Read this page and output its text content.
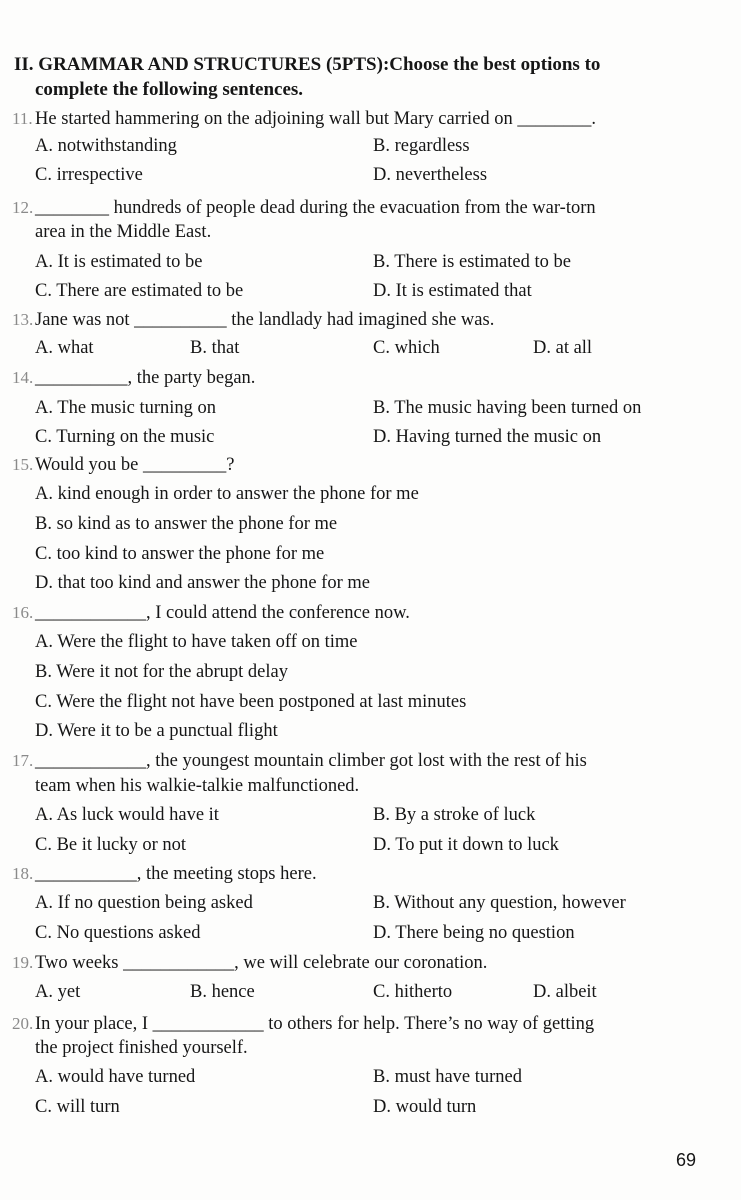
II. GRAMMAR AND STRUCTURES (5PTS):Choose the best options to
complete the following sentences.
11. He started hammering on the adjoining wall but Mary carried on ________.
A. notwithstanding	B. regardless
C. irrespective	D. nevertheless
12. ________ hundreds of people dead during the evacuation from the war-torn
area in the Middle East.
A. It is estimated to be	B. There is estimated to be
C. There are estimated to be	D. It is estimated that
13. Jane was not __________ the landlady had imagined she was.
A. what	B. that	C. which	D. at all
14. __________, the party began.
A. The music turning on	B. The music having been turned on
C. Turning on the music	D. Having turned the music on
15. Would you be _________?
A. kind enough in order to answer the phone for me
B. so kind as to answer the phone for me
C. too kind to answer the phone for me
D. that too kind and answer the phone for me
16. ____________, I could attend the conference now.
A. Were the flight to have taken off on time
B. Were it not for the abrupt delay
C. Were the flight not have been postponed at last minutes
D. Were it to be a punctual flight
17. ____________, the youngest mountain climber got lost with the rest of his
team when his walkie-talkie malfunctioned.
A. As luck would have it	B. By a stroke of luck
C. Be it lucky or not	D. To put it down to luck
18. ___________, the meeting stops here.
A. If no question being asked	B. Without any question, however
C. No questions asked	D. There being no question
19. Two weeks ____________, we will celebrate our coronation.
A. yet	B. hence	C. hitherto	D. albeit
20. In your place, I ____________ to others for help. There’s no way of getting
the project finished yourself.
A. would have turned	B. must have turned
C. will turn	D. would turn
69
